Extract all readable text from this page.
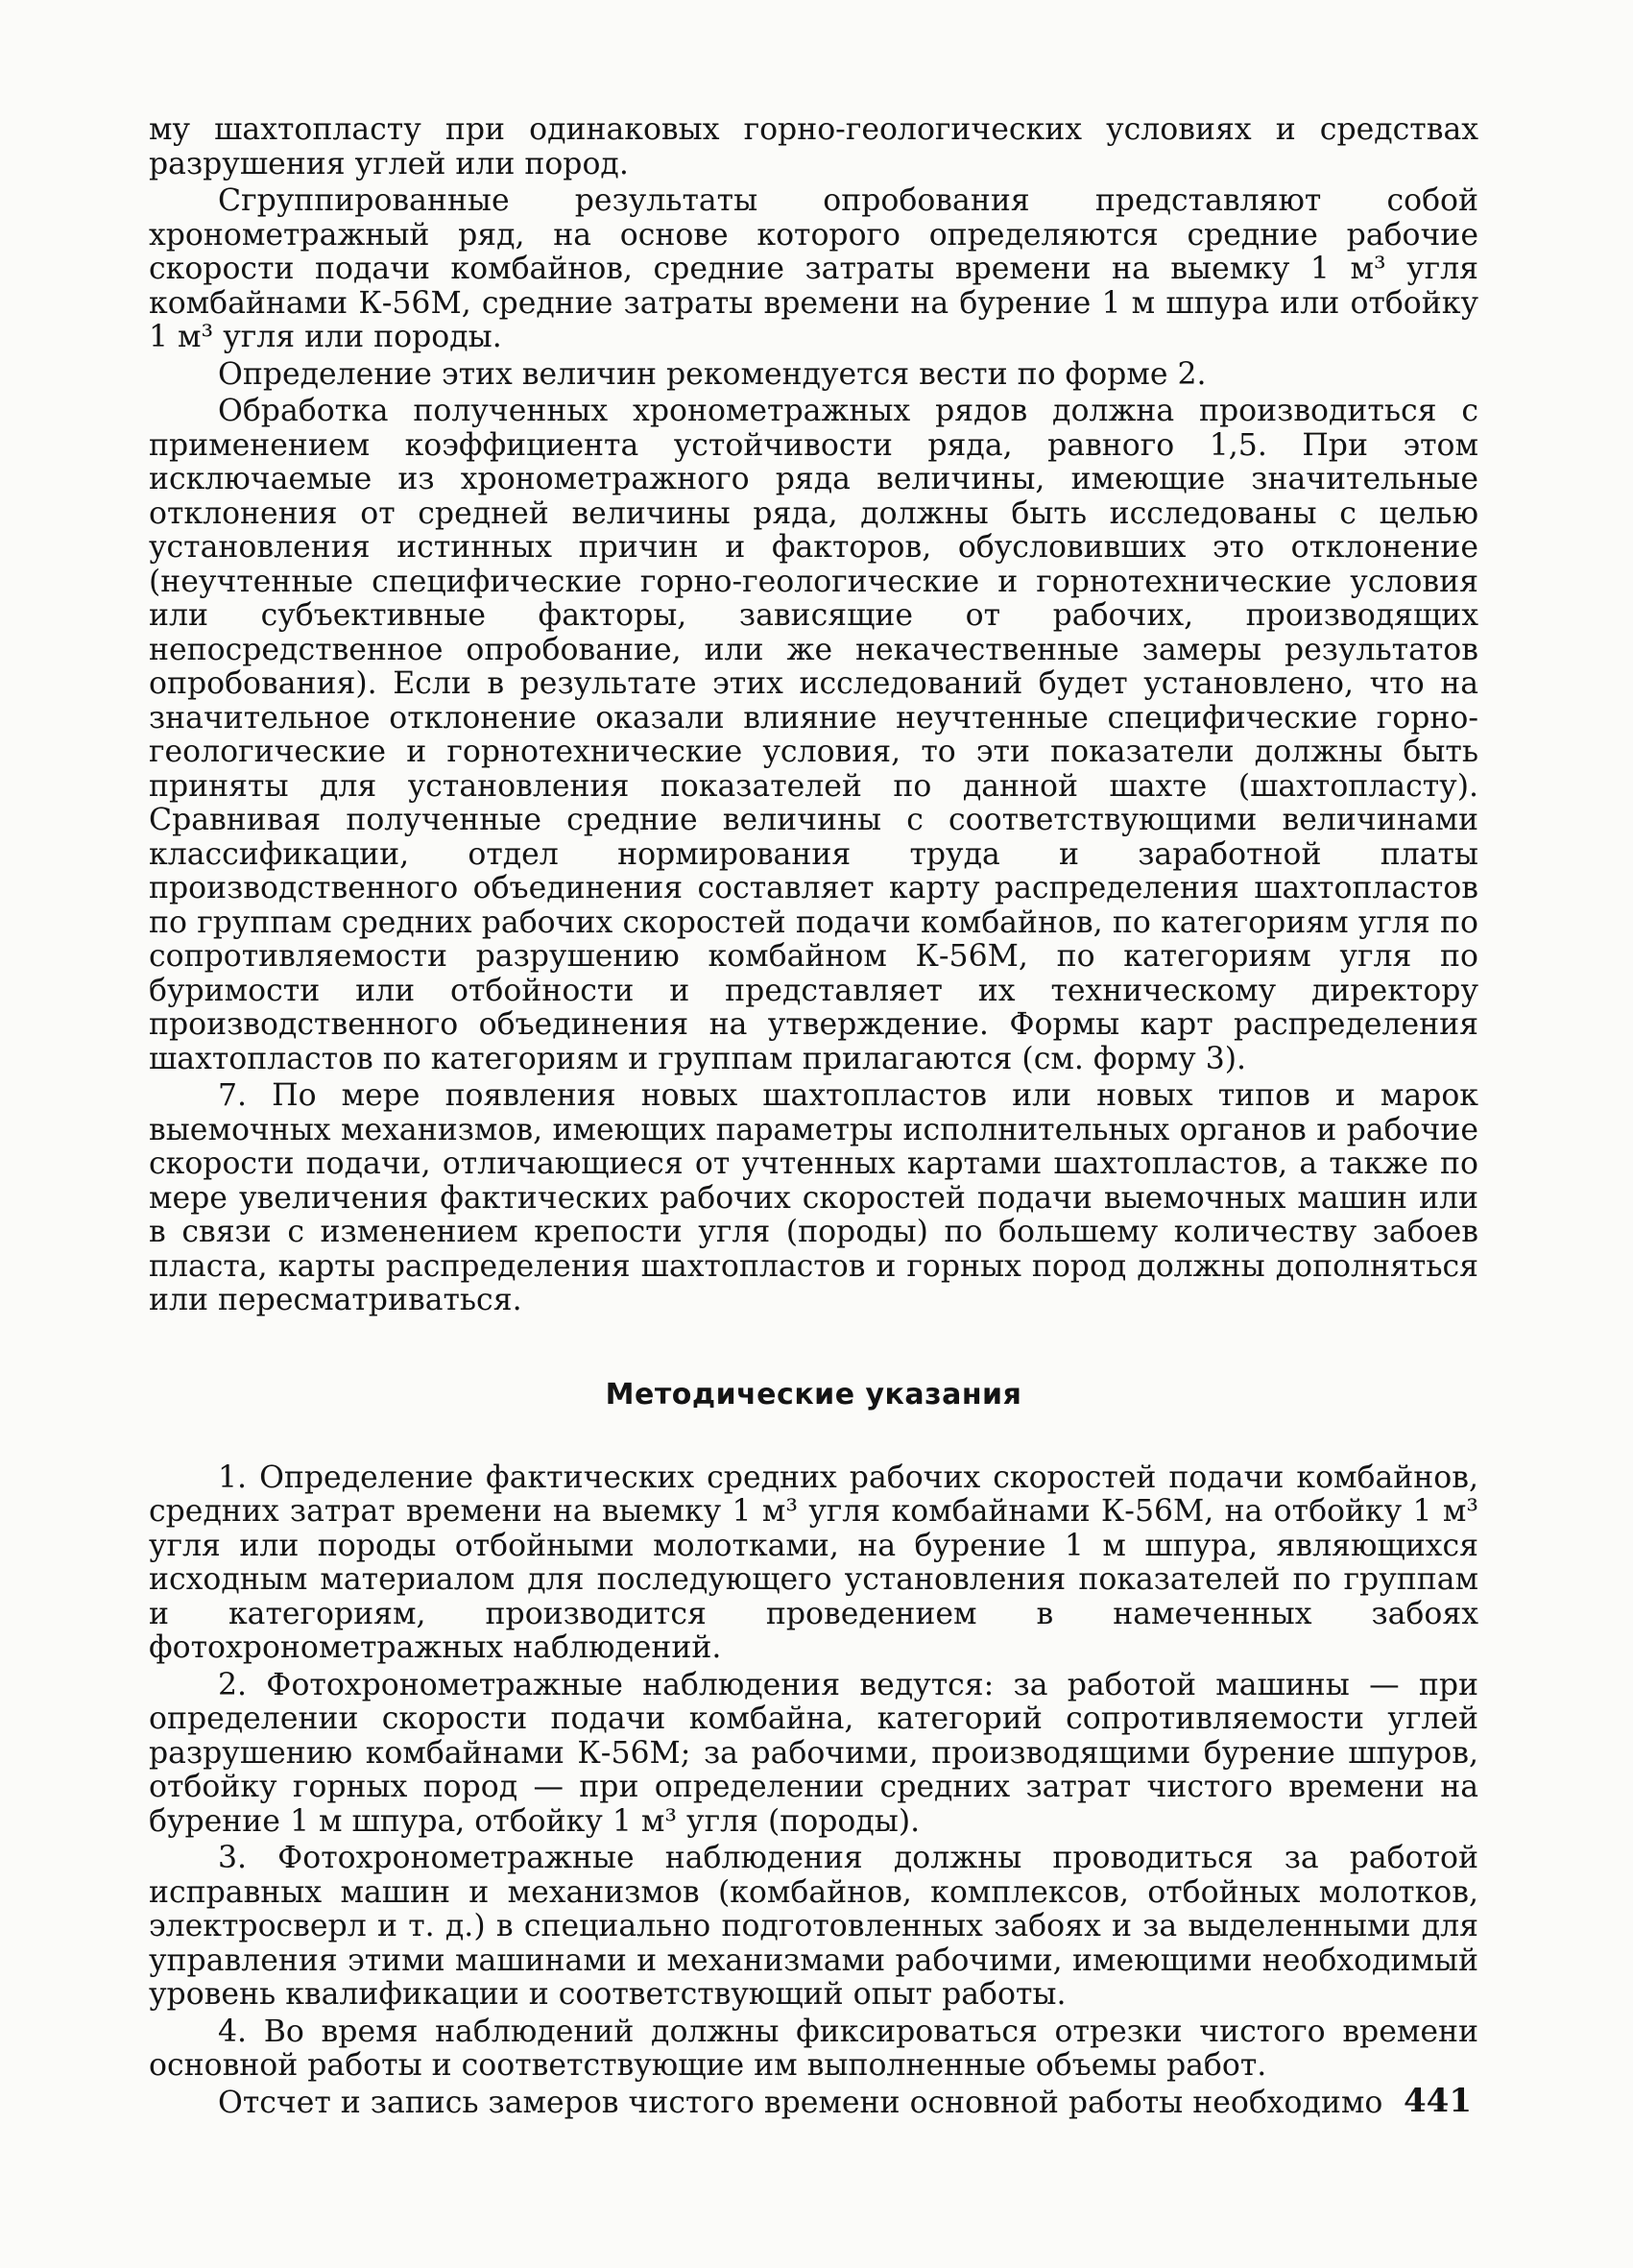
му шахтопласту при одинаковых горно-геологических условиях и средствах разрушения углей или пород.

Сгруппированные результаты опробования представляют собой хронометражный ряд, на основе которого определяются средние рабочие скорости подачи комбайнов, средние затраты времени на выемку 1 м³ угля комбайнами К-56М, средние затраты времени на бурение 1 м шпура или отбойку 1 м³ угля или породы.

Определение этих величин рекомендуется вести по форме 2.

Обработка полученных хронометражных рядов должна производиться с применением коэффициента устойчивости ряда, равного 1,5. При этом исключаемые из хронометражного ряда величины, имеющие значительные отклонения от средней величины ряда, должны быть исследованы с целью установления истинных причин и факторов, обусловивших это отклонение (неучтенные специфические горно-геологические и горнотехнические условия или субъективные факторы, зависящие от рабочих, производящих непосредственное опробование, или же некачественные замеры результатов опробования). Если в результате этих исследований будет установлено, что на значительное отклонение оказали влияние неучтенные специфические горно-геологические и горнотехнические условия, то эти показатели должны быть приняты для установления показателей по данной шахте (шахтопласту). Сравнивая полученные средние величины с соответствующими величинами классификации, отдел нормирования труда и заработной платы производственного объединения составляет карту распределения шахтопластов по группам средних рабочих скоростей подачи комбайнов, по категориям угля по сопротивляемости разрушению комбайном К-56М, по категориям угля по буримости или отбойности и представляет их техническому директору производственного объединения на утверждение. Формы карт распределения шахтопластов по категориям и группам прилагаются (см. форму 3).

7. По мере появления новых шахтопластов или новых типов и марок выемочных механизмов, имеющих параметры исполнительных органов и рабочие скорости подачи, отличающиеся от учтенных картами шахтопластов, а также по мере увеличения фактических рабочих скоростей подачи выемочных машин или в связи с изменением крепости угля (породы) по большему количеству забоев пласта, карты распределения шахтопластов и горных пород должны дополняться или пересматриваться.

Методические указания

1. Определение фактических средних рабочих скоростей подачи комбайнов, средних затрат времени на выемку 1 м³ угля комбайнами К-56М, на отбойку 1 м³ угля или породы отбойными молотками, на бурение 1 м шпура, являющихся исходным материалом для последующего установления показателей по группам и категориям, производится проведением в намеченных забоях фотохронометражных наблюдений.

2. Фотохронометражные наблюдения ведутся: за работой машины — при определении скорости подачи комбайна, категорий сопротивляемости углей разрушению комбайнами К-56М; за рабочими, производящими бурение шпуров, отбойку горных пород — при определении средних затрат чистого времени на бурение 1 м шпура, отбойку 1 м³ угля (породы).

3. Фотохронометражные наблюдения должны проводиться за работой исправных машин и механизмов (комбайнов, комплексов, отбойных молотков, электросверл и т. д.) в специально подготовленных забоях и за выделенными для управления этими машинами и механизмами рабочими, имеющими необходимый уровень квалификации и соответствующий опыт работы.

4. Во время наблюдений должны фиксироваться отрезки чистого времени основной работы и соответствующие им выполненные объемы работ.

Отсчет и запись замеров чистого времени основной работы необходимо 441
